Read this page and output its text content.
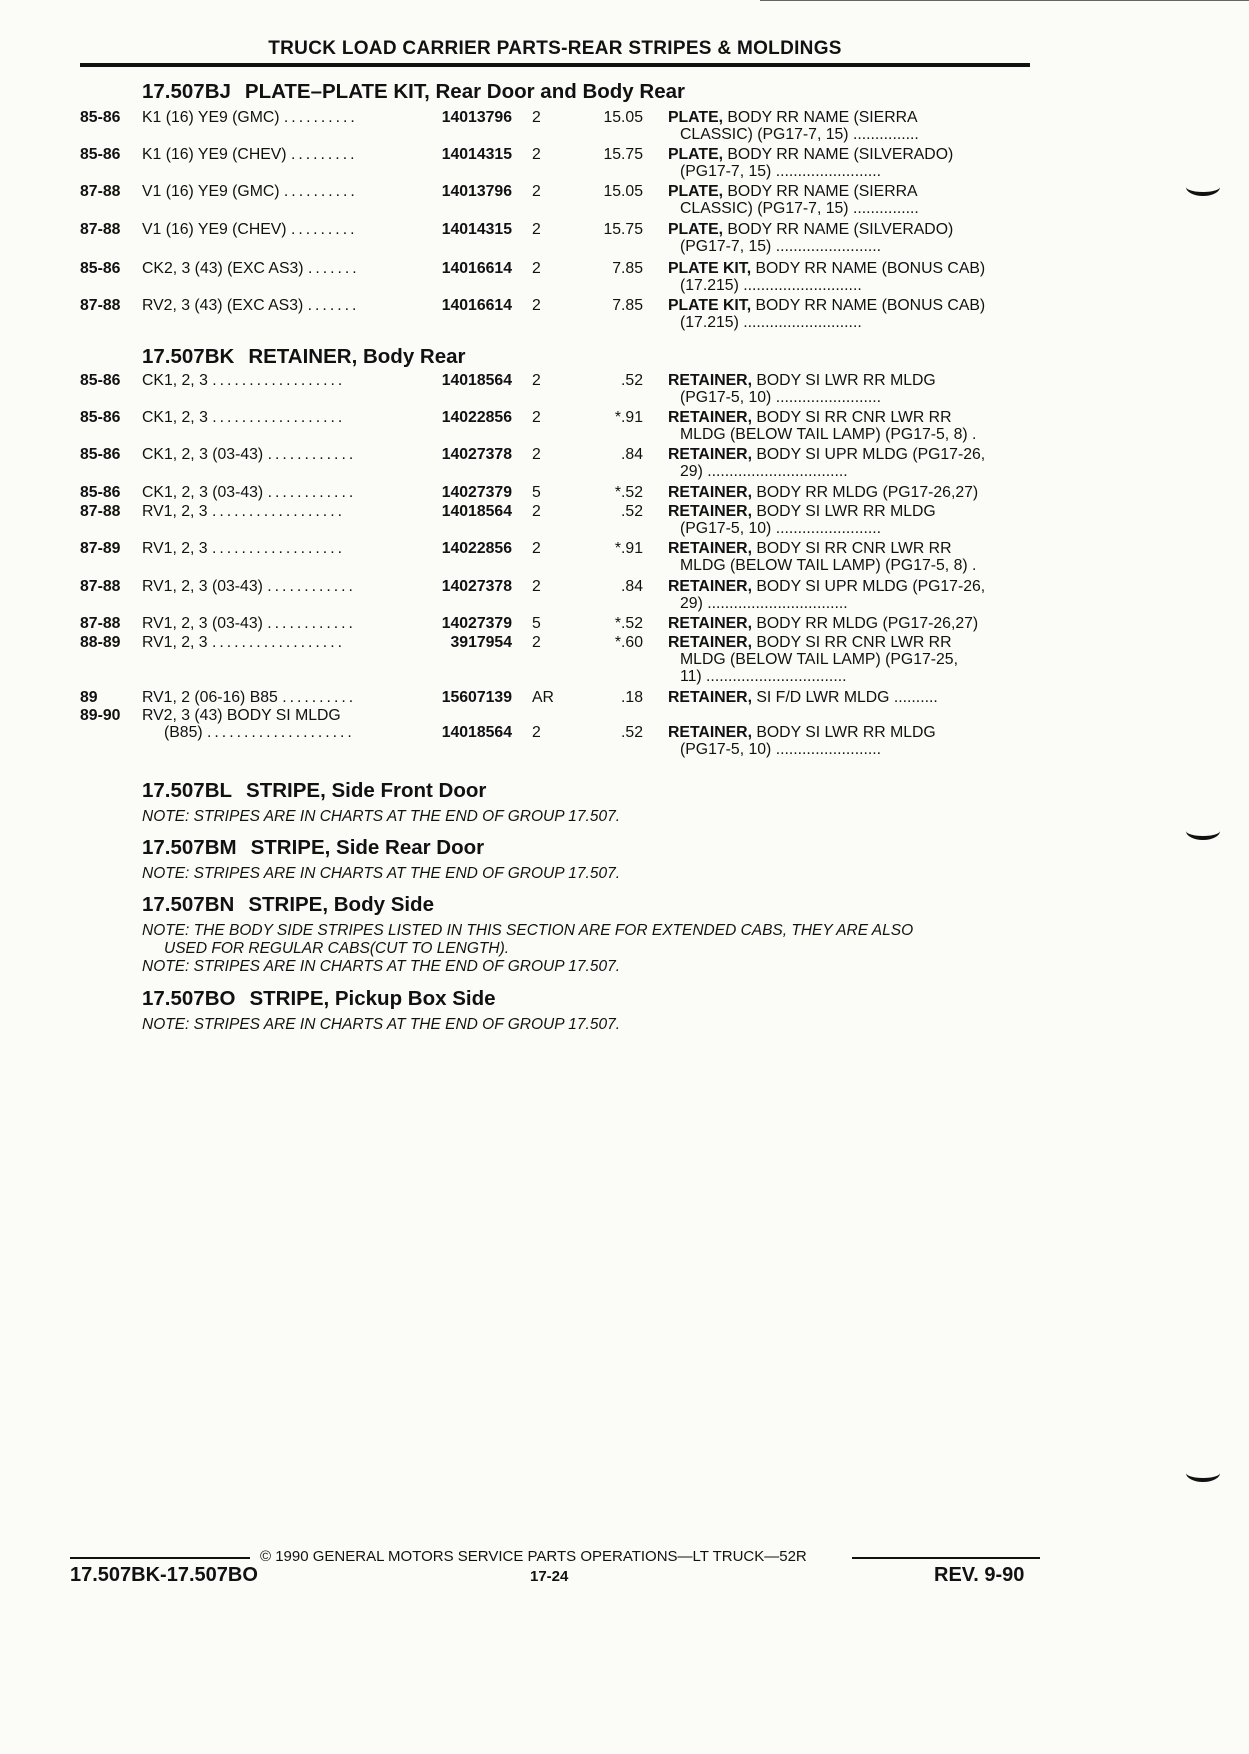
TRUCK LOAD CARRIER PARTS-REAR STRIPES & MOLDINGS
17.507BJ PLATE–PLATE KIT, Rear Door and Body Rear
85-86 K1 (16) YE9 (GMC) ..........	14013796 2	15.05 PLATE, BODY RR NAME (SIERRA
CLASSIC) (PG17-7, 15) ...............
85-86 K1 (16) YE9 (CHEV) .........	14014315 2	15.75 PLATE, BODY RR NAME (SILVERADO)
(PG17-7, 15) ........................
87-88 V1 (16) YE9 (GMC) ..........	14013796 2	15.05 PLATE, BODY RR NAME (SIERRA
CLASSIC) (PG17-7, 15) ...............
87-88 V1 (16) YE9 (CHEV) .........	14014315 2	15.75 PLATE, BODY RR NAME (SILVERADO)
(PG17-7, 15) ........................
85-86 CK2, 3 (43) (EXC AS3) .......	14016614 2	7.85 PLATE KIT, BODY RR NAME (BONUS CAB)
(17.215) ...........................
87-88 RV2, 3 (43) (EXC AS3) .......	14016614 2	7.85 PLATE KIT, BODY RR NAME (BONUS CAB)
(17.215) ...........................
17.507BK RETAINER, Body Rear
85-86 CK1, 2, 3 ..................	14018564 2	.52 RETAINER, BODY SI LWR RR MLDG
(PG17-5, 10) ........................
85-86 CK1, 2, 3 ..................	14022856 2	*.91 RETAINER, BODY SI RR CNR LWR RR
MLDG (BELOW TAIL LAMP) (PG17-5, 8) .
85-86 CK1, 2, 3 (03-43) ............	14027378 2	.84 RETAINER, BODY SI UPR MLDG (PG17-26,
29) ................................
85-86 CK1, 2, 3 (03-43) ............	14027379 5	*.52 RETAINER, BODY RR MLDG (PG17-26,27)
87-88 RV1, 2, 3 ..................	14018564 2	.52 RETAINER, BODY SI LWR RR MLDG
(PG17-5, 10) ........................
87-89 RV1, 2, 3 ..................	14022856 2	*.91 RETAINER, BODY SI RR CNR LWR RR
MLDG (BELOW TAIL LAMP) (PG17-5, 8) .
87-88 RV1, 2, 3 (03-43) ............	14027378 2	.84 RETAINER, BODY SI UPR MLDG (PG17-26,
29) ................................
87-88 RV1, 2, 3 (03-43) ............	14027379 5	*.52 RETAINER, BODY RR MLDG (PG17-26,27)
88-89 RV1, 2, 3 ..................	3917954 2	*.60 RETAINER, BODY SI RR CNR LWR RR
MLDG (BELOW TAIL LAMP) (PG17-25,
11) ................................
89	RV1, 2 (06-16) B85 ..........	15607139 AR	.18 RETAINER, SI F/D LWR MLDG ..........
89-90 RV2, 3 (43) BODY SI MLDG
(B85) ....................	14018564 2	.52 RETAINER, BODY SI LWR RR MLDG
(PG17-5, 10) ........................
17.507BL STRIPE, Side Front Door
NOTE: STRIPES ARE IN CHARTS AT THE END OF GROUP 17.507.
17.507BM STRIPE, Side Rear Door
NOTE: STRIPES ARE IN CHARTS AT THE END OF GROUP 17.507.
17.507BN STRIPE, Body Side
NOTE: THE BODY SIDE STRIPES LISTED IN THIS SECTION ARE FOR EXTENDED CABS, THEY ARE ALSO
USED FOR REGULAR CABS(CUT TO LENGTH).
NOTE: STRIPES ARE IN CHARTS AT THE END OF GROUP 17.507.
17.507BO STRIPE, Pickup Box Side
NOTE: STRIPES ARE IN CHARTS AT THE END OF GROUP 17.507.
© 1990 GENERAL MOTORS SERVICE PARTS OPERATIONS—LT TRUCK—52R
17.507BK-17.507BO	17-24	REV. 9-90
